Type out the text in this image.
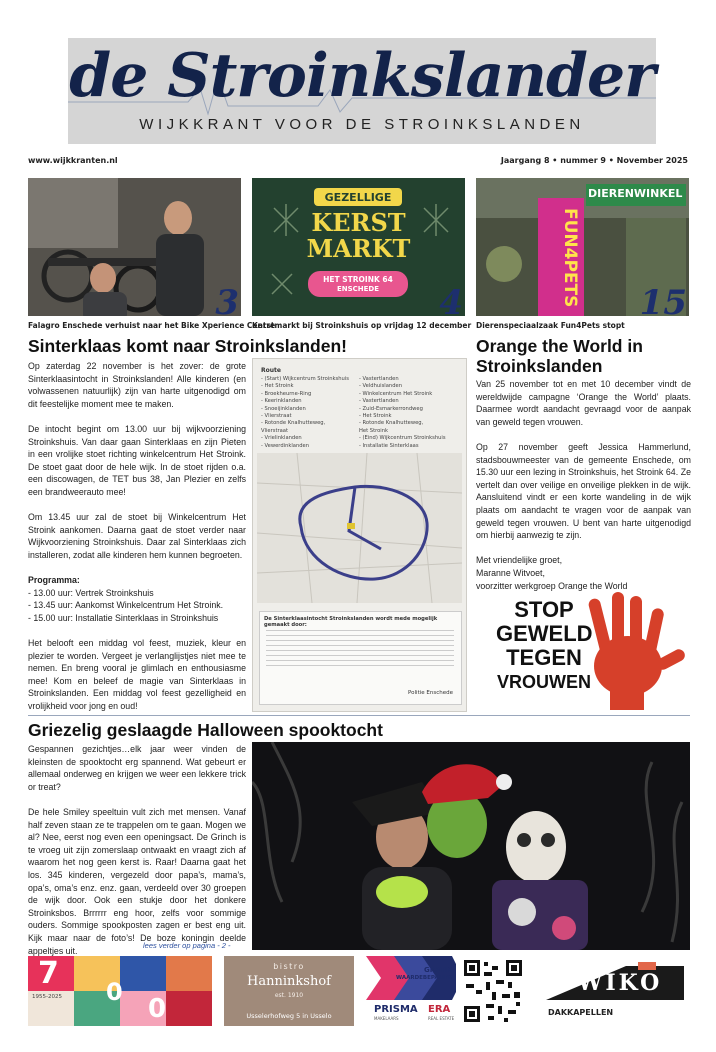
de Stroinkslander
WIJKKRANT VOOR DE STROINKSLANDEN
www.wijkkranten.nl	Jaargang 8 • nummer 9 • November 2025
3
Falagro Enschede verhuist naar het Bike Xperience Centre
GEZELLIGE
KERST
MARKT
HET STROINK 64
ENSCHEDE	4
Kerstmarkt bij Stroinkshuis op vrijdag 12 december
DIERENWINKEL
FUN4PETS 15
Dierenspeciaalzaak Fun4Pets stopt
Sinterklaas komt naar Stroinkslanden!

Op zaterdag 22 november is het zover: de grote Sinterklaasintocht in Stroinkslanden! Alle kinderen (en volwassenen natuurlijk) zijn van harte uitgenodigd om dit feestelijke moment mee te maken.

De intocht begint om 13.00 uur bij wijkvoorziening Stroinkshuis. Van daar gaan Sinterklaas en zijn Pieten in een vrolijke stoet richting winkelcentrum Het Stroink. De stoet gaat door de hele wijk. In de stoet rijden o.a. een discowagen, de TET bus 38, Jan Plezier en zelfs een brandweerauto mee!

Om 13.45 uur zal de stoet bij Winkelcentrum Het Stroink aankomen. Daarna gaat de stoet verder naar Wijkvoorziening Stroinkshuis. Daar zal Sinterklaas zich installeren, zodat alle kinderen hem kunnen begroeten.

Programma:
- 13.00 uur: Vertrek Stroinkshuis
- 13.45 uur: Aankomst Winkelcentrum Het Stroink.
- 15.00 uur: Installatie Sinterklaas in Stroinkshuis

Het belooft een middag vol feest, muziek, kleur en plezier te worden. Vergeet je verlanglijstjes niet mee te nemen. En breng vooral je glimlach en enthousiasme mee! Kom en beleef de magie van Sinterklaas in Stroinkslanden. Een middag vol feest gezelligheid en vrolijkheid voor jong en oud!

Route
- (Start) Wijkcentrum Stroinkshuis
- Het Stroink
- Broekheurne-Ring
- Keerinklanden
- Snoeijinklanden
- Vlierstraat
- Rotonde Knalhutteweg,
Vlierstraat
- Vrielinklanden
- Vewerdinklanden
- Vastertlanden
- Veldhuislanden
- Winkelcentrum Het Stroink
- Vastertlanden
- Zuid-Esmarkerrondweg
- Het Stroink
- Rotonde Knalhutteweg,
Het Stroink
- (Eind) Wijkcentrum Stroinkshuis
- Installatie Sinterklaas
De Sinterklaasintocht Stroinkslanden wordt mede mogelijk gemaakt door:
Politie Enschede
Orange the World in Stroinkslanden

Van 25 november tot en met 10 december vindt de wereldwijde campagne ‘Orange the World’ plaats. Daarmee wordt aandacht gevraagd voor de aanpak van geweld tegen vrouwen.

Op 27 november geeft Jessica Hammerlund, stadsbouwmeester van de gemeente Enschede, om 15.30 uur een lezing in Stroinkshuis, het Stroink 64. Ze vertelt dan over veilige en onveilige plekken in de wijk. Aansluitend vindt er een korte wandeling in de wijk plaats om aandacht te vragen voor de aanpak van geweld tegen vrouwen. U bent van harte uitgenodigd om hierbij aanwezig te zijn.

Met vriendelijke groet,
Maranne Witvoet,
voorzitter werkgroep Orange the World
STOP
GEWELD
TEGEN
VROUWEN
Griezelig geslaagde Halloween spooktocht

Gespannen gezichtjes…elk jaar weer vinden de kleinsten de spooktocht erg spannend. Wat gebeurt er allemaal onderweg en krijgen we weer een lekkere trick or treat?

De hele Smiley speeltuin vult zich met mensen. Vanaf half zeven staan ze te trappelen om te gaan. Mogen we al? Nee, eerst nog even een openingsact. De Grinch is te vroeg uit zijn zomerslaap ontwaakt en vraagt zich af waarom het nog geen kerst is. Raar! Daarna gaat het los. 345 kinderen, vergezeld door papa’s, mama’s, opa’s, oma’s enz. enz. gaan, verdeeld over 30 groepen de wijk door. Ook een stukje door het donkere Stroinksbos. Brrrrrr eng hoor, zelfs voor sommige ouders. Sommige spookposten zagen er best eng uit. Kijk maar naar de foto’s! De boze koningin deelde appeltjes uit.	lees verder op pagina - 2 -
7
0
0
1955-2025
bistro
Hanninkshof
est. 1910
Usselerhofweg 5 in Usselo
GRATIS
WAARDEBEPALING
PRISMA ERA
MAKELAARS	REAL ESTATE
WIKO
DAKKAPELLEN
